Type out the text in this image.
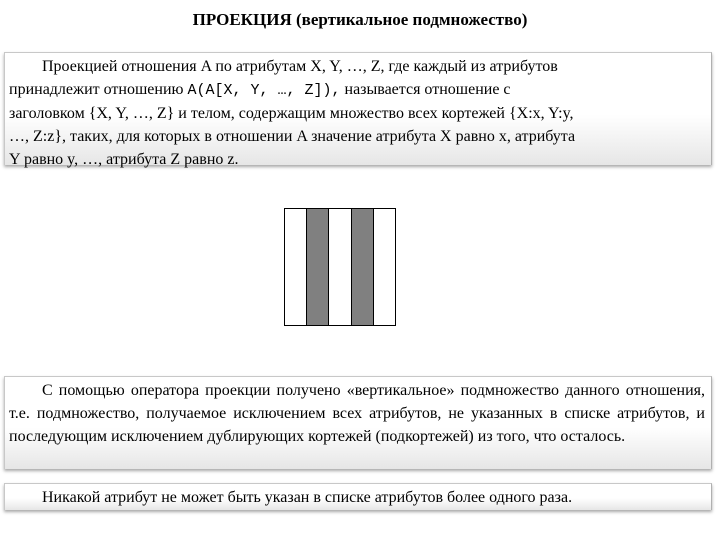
ПРОЕКЦИЯ (вертикальное подмножество)
Проекцией отношения A по атрибутам X, Y, …, Z, где каждый из атрибутов
принадлежит отношению A(A[X, Y, …, Z]), называется отношение с
заголовком {X, Y, …, Z} и телом, содержащим множество всех кортежей {X:x, Y:y,
…, Z:z}, таких, для которых в отношении A значение атрибута X равно x, атрибута
Y равно y, …, атрибута Z равно z.
С помощью оператора проекции получено «вертикальное» подмножество данного отношения, т.е. подмножество, получаемое исключением всех атрибутов, не указанных в списке атрибутов, и последующим исключением дублирующих кортежей (подкортежей) из того, что осталось.
Никакой атрибут не может быть указан в списке атрибутов более одного раза.
